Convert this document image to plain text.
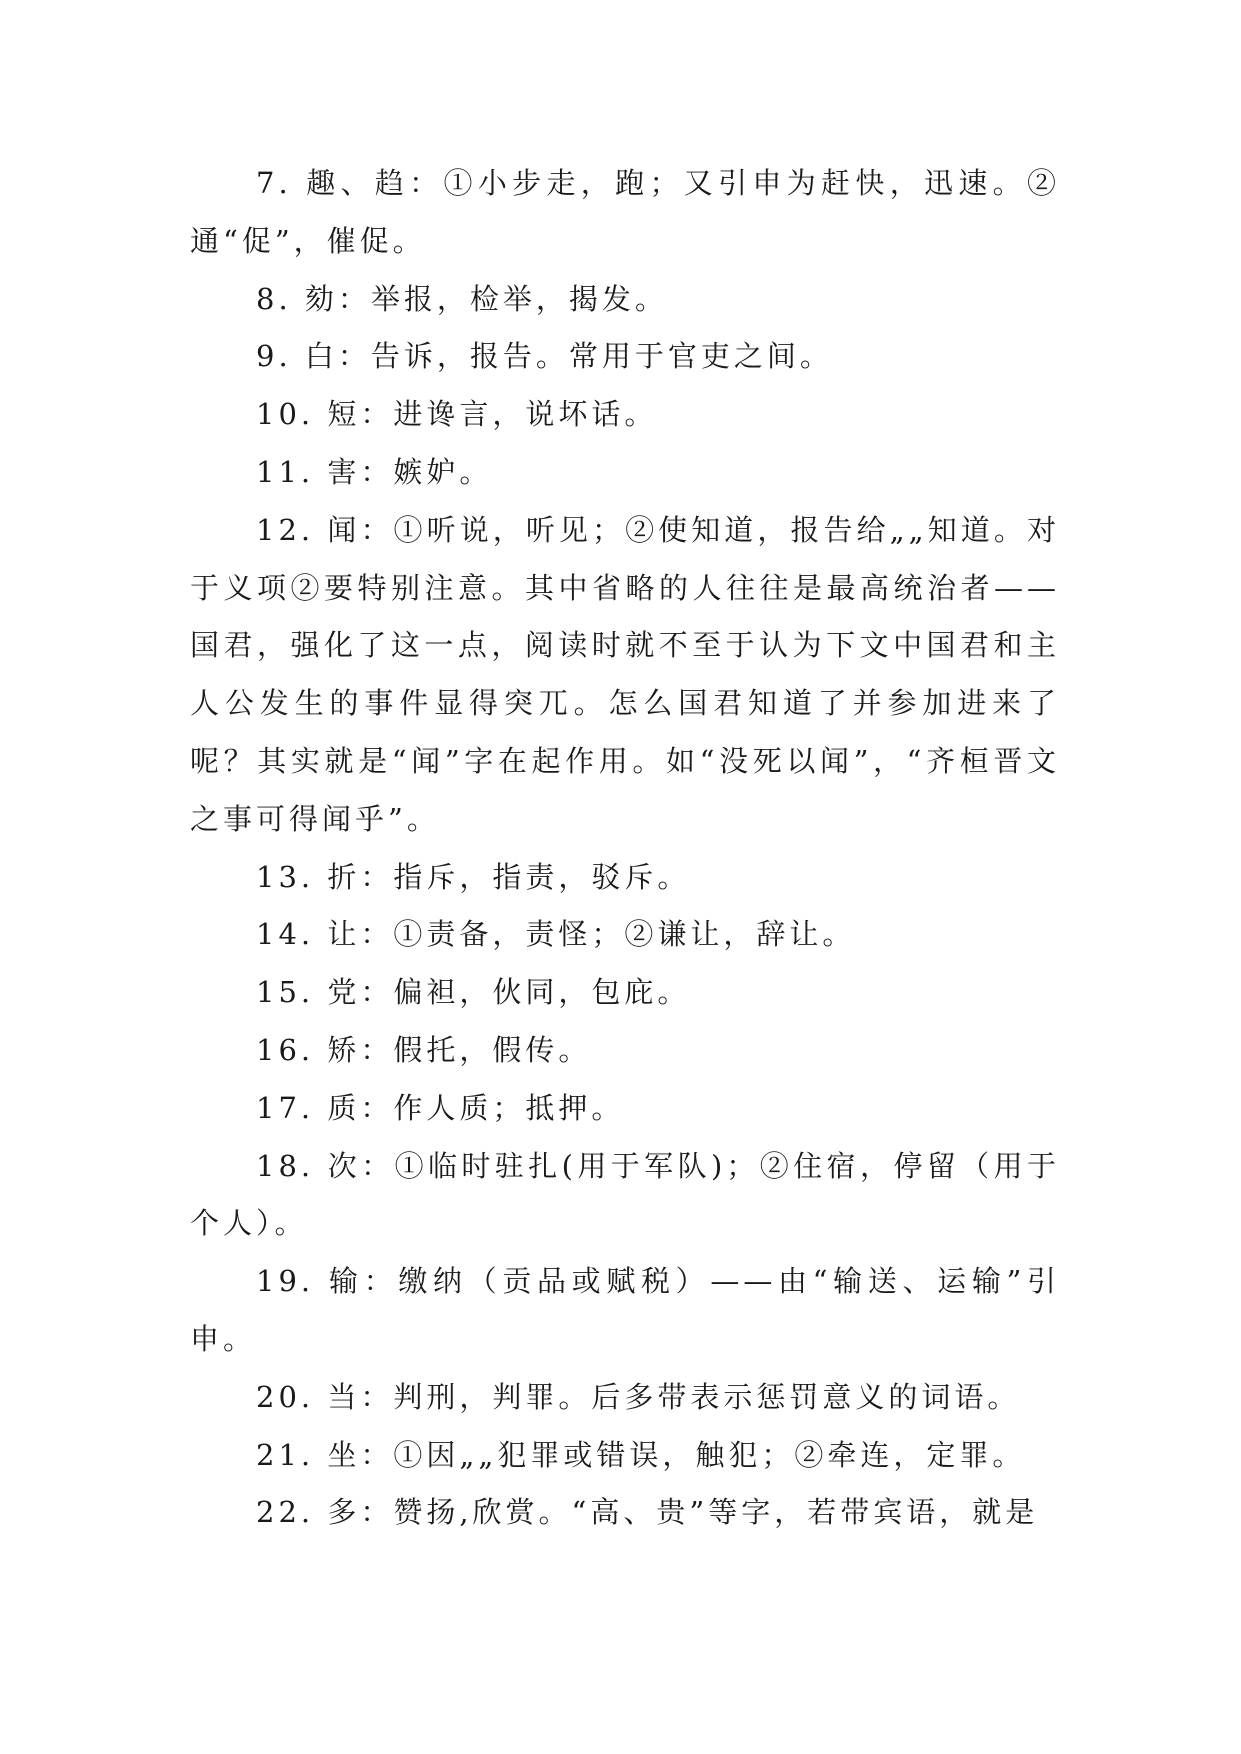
7. 趣、趋：①小步走，跑；又引申为赶快，迅速。②通“促”，催促。

8. 劾：举报，检举，揭发。

9. 白：告诉，报告。常用于官吏之间。

10. 短：进谗言，说坏话。

11. 害：嫉妒。

12. 闻：①听说，听见；②使知道，报告给„„知道。对于义项②要特别注意。其中省略的人往往是最高统治者——国君，强化了这一点，阅读时就不至于认为下文中国君和主人公发生的事件显得突兀。怎么国君知道了并参加进来了呢？其实就是“闻”字在起作用。如“没死以闻”，“齐桓晋文之事可得闻乎”。

13. 折：指斥，指责，驳斥。

14. 让：①责备，责怪；②谦让，辞让。

15. 党：偏袒，伙同，包庇。

16. 矫：假托，假传。

17. 质：作人质；抵押。

18. 次：①临时驻扎(用于军队)；②住宿，停留（用于个人）。

19. 输：缴纳（贡品或赋税）——由“输送、运输”引申。

20. 当：判刑，判罪。后多带表示惩罚意义的词语。

21. 坐：①因„„犯罪或错误，触犯；②牵连，定罪。

22. 多：赞扬,欣赏。“高、贵”等字，若带宾语，就是
